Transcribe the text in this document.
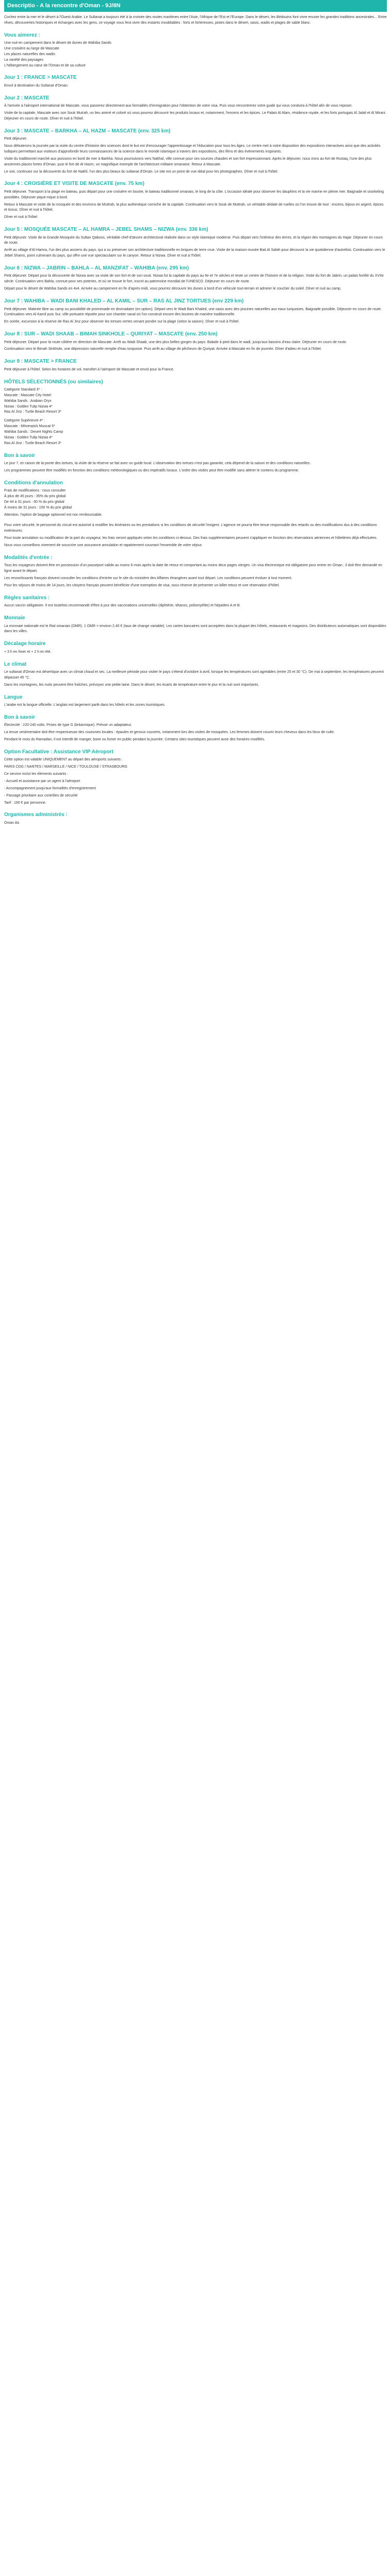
Descriptio - A la rencontre d'Oman - 9J/8N

Cochez entre la mer et le désert à l'Ouest Arabie. Le Sultanat a toujours été à la croisée des routes maritimes entre l'Asie, l'Afrique de l'Est et l'Europe. Dans le désert, les Bédouins font vivre encore les grandes traditions ancestrales... Entre rêves, découvertes historiques et échanges avec les gens, ce voyage vous fera vivre des instants inoubliables : forts et forteresses, pistes dans le désert, oasis, wadis et plages de sable blanc.

Vous aimerez :
Une nuit en campement dans le désert de dunes de Wahiba Sands
Une croisière au large de Mascate
Les places naturelles des wadis
La variété des paysages
L'hébergement au cœur de l'Oman et de sa culture
Jour 1 : FRANCE > MASCATE

Envol à destination du Sultanat d'Oman.

Jour 2 : MASCATE

À l'arrivée à l'aéroport international de Mascate, vous passerez directement aux formalités d'immigration pour l'obtention de votre visa. Puis vous rencontrerez votre guide qui vous conduira à l'hôtel afin de vous reposer.

Visite de la capitale, Mascate avec son Souk Mutrah, un lieu animé et coloré où vous pourrez découvrir les produits locaux et, notamment, l'encens et les épices. Le Palais Al Alam, résidence royale, et les forts portugais Al Jalali et Al Mirani. Déjeuner en cours de route. Dîner et nuit à l'hôtel.

Jour 3 : MASCATE – BARKHA – AL HAZM – MASCATE (env. 325 km)

Petit déjeuner.

Nous débuterons la journée par la visite du centre d'histoire des sciences dont le but est d'encourager l'apprentissage et l'éducation pour tous les âges. Le centre met à notre disposition des expositions interactives ainsi que des activités ludiques permettant aux visiteurs d'approfondir leurs connaissances de la science dans le monde islamique à travers des expositions, des films et des événements inspirants.

Visite du traditionnel marché aux poissons en bord de mer à Barkha. Nous poursuivons vers Nakhal, ville connue pour ses sources chaudes et son fort impressionnant. Après le déjeuner, nous irons au fort de Rustaq, l'une des plus anciennes places fortes d'Oman, puis le fort de Al Hazm, un magnifique exemple de l'architecture militaire omanaise. Retour à Mascate.

Le soir, continuez sur la découverte du fort de Nakhl, l'un des plus beaux du sultanat d'Oman. Le site est un point de vue idéal pour les photographes. Dîner et nuit à l'hôtel.

Jour 4 : CROISIÈRE ET VISITE DE MASCATE (env. 75 km)

Petit déjeuner. Transport à la plage en bateau, puis départ pour une croisière en boutre, le bateau traditionnel omanais, le long de la côte. L'occasion idéale pour observer les dauphins et la vie marine en pleine mer. Baignade et snorkeling possibles. Déjeuner pique-nique à bord.

Retour à Mascate et visite de la mosquée et des environs de Muttrah, la plus authentique corniche de la capitale. Continuation vers le Souk de Muttrah, un véritable dédale de ruelles où l'on trouve de tout : encens, bijoux en argent, épices et tissus. Dîner et nuit à l'hôtel.

Dîner et nuit à l'hôtel.

Jour 5 : MOSQUÉE MASCATE – AL HAMRA – JEBEL SHAMS – NIZWA (env. 336 km)

Petit déjeuner. Visite de la Grande Mosquée du Sultan Qaboos, véritable chef-d'œuvre architectural réalisée dans un style islamique moderne. Puis départ vers l'intérieur des terres, et la région des montagnes du Hajar. Déjeuner en cours de route.

Arrêt au village d'Al Hamra, l'un des plus anciens du pays, qui a su préserver son architecture traditionnelle en briques de terre crue. Visite de la maison-musée Bait Al Safah pour découvrir la vie quotidienne d'autrefois. Continuation vers le Jebel Shams, point culminant du pays, qui offre une vue spectaculaire sur le canyon. Retour à Nizwa. Dîner et nuit à l'hôtel.

Jour 6 : NIZWA – JABRIN – BAHLA – AL MANZIFAT – WAHIBA (env. 295 km)

Petit déjeuner. Départ pour la découverte de Nizwa avec sa visite de son fort et de son souk. Nizwa fut la capitale du pays au 6e et 7e siècles et reste un centre de l'histoire et de la religion. Visite du fort de Jabrin, un palais fortifié du XVIIe siècle. Continuation vers Bahla, connue pour ses poteries, et où se trouve le fort, inscrit au patrimoine mondial de l'UNESCO. Déjeuner en cours de route.

Départ pour le désert de Wahiba Sands en 4x4. Arrivée au campement en fin d'après-midi, vous pourrez découvrir les dunes à bord d'un véhicule tout-terrain et admirer le coucher du soleil. Dîner et nuit au camp.

Jour 7 : WAHIBA – WADI BANI KHALED – AL KAMIL – SUR – RAS AL JINZ TORTUES (env 229 km)

Petit déjeuner. Matinée libre au camp ou possibilité de promenade en dromadaire (en option). Départ vers le Wadi Bani Khaled, une oasis avec des piscines naturelles aux eaux turquoises. Baignade possible. Déjeuner en cours de route. Continuation vers Al Kamil puis Sur, ville portuaire réputée pour son chantier naval où l'on construit encore des boutres de manière traditionnelle.

En soirée, excursion à la réserve de Ras Al Jinz pour observer les tortues vertes venant pondre sur la plage (selon la saison). Dîner et nuit à l'hôtel.

Jour 8 : SUR – WADI SHAAB – BIMAH SINKHOLE – QURIYAT – MASCATE (env. 250 km)

Petit déjeuner. Départ pour la route côtière en direction de Mascate. Arrêt au Wadi Shaab, une des plus belles gorges du pays. Balade à pied dans le wadi, jusqu'aux bassins d'eau claire. Déjeuner en cours de route.

Continuation vers le Bimah Sinkhole, une dépression naturelle remplie d'eau turquoise. Puis arrêt au village de pêcheurs de Quriyat. Arrivée à Mascate en fin de journée. Dîner d'adieu et nuit à l'hôtel.

Jour 9 : MASCATE > FRANCE

Petit déjeuner à l'hôtel. Selon les horaires de vol, transfert à l'aéroport de Mascate et envol pour la France.

HÔTELS SÉLECTIONNÉS (ou similaires)
Catégorie Standard 3* :
Mascate : Mascate City Hotel
Wahiba Sands : Arabian Oryx
Nizwa : Golden Tulip Nizwa 4*
Ras Al Jinz : Turtle Beach Resort 3*
Catégorie Supérieure 4* :
Mascate : Mövenpick Muscat 5*
Wahiba Sands : Desert Nights Camp
Nizwa : Golden Tulip Nizwa 4*
Ras Al Jinz : Turtle Beach Resort 3*
Bon à savoir

Le jour 7, en raison de la ponte des tortues, la visite de la réserve se fait avec un guide local. L'observation des tortues n'est pas garantie, cela dépend de la saison et des conditions naturelles.

Les programmes peuvent être modifiés en fonction des conditions météorologiques ou des impératifs locaux. L'ordre des visites peut être modifié sans altérer le contenu du programme.

Conditions d'annulation
Frais de modifications : nous consulter
À plus de 45 jours : 35% du prix global
De 44 à 31 jours : 60 % du prix global
À moins de 31 jours : 100 % du prix global

Attention, l'option de bagage optionnel est non remboursable.

Pour votre sécurité, le personnel du circuit est autorisé à modifier les itinéraires ou les prestations si les conditions de sécurité l'exigent. L'agence ne pourra être tenue responsable des retards ou des modifications dus à des conditions extérieures.

Pour toute annulation ou modification de la part du voyageur, les frais seront appliqués selon les conditions ci-dessus. Des frais supplémentaires peuvent s'appliquer en fonction des réservations aériennes et hôtelières déjà effectuées.

Nous vous conseillons vivement de souscrire une assurance annulation et rapatriement couvrant l'ensemble de votre séjour.

Modalités d'entrée :

Tous les voyageurs doivent être en possession d'un passeport valide au moins 6 mois après la date de retour et comportant au moins deux pages vierges. Un visa électronique est obligatoire pour entrer en Oman ; il doit être demandé en ligne avant le départ.

Les ressortissants français doivent consulter les conditions d'entrée sur le site du ministère des Affaires étrangères avant tout départ. Les conditions peuvent évoluer à tout moment.

Pour les séjours de moins de 14 jours, les citoyens français peuvent bénéficier d'une exemption de visa, sous réserve de présenter un billet retour et une réservation d'hôtel.

Règles sanitaires :

Aucun vaccin obligatoire. Il est toutefois recommandé d'être à jour des vaccinations universelles (diphtérie, tétanos, poliomyélite) et hépatites A et B.

Monnaie

La monnaie nationale est le Rial omanais (OMR). 1 OMR = environ 2,40 € (taux de change variable). Les cartes bancaires sont acceptées dans la plupart des hôtels, restaurants et magasins. Des distributeurs automatiques sont disponibles dans les villes.

Décalage horaire

+ 3 h en hiver et + 2 h en été.

Le climat

Le sultanat d'Oman est désertique avec un climat chaud et sec. La meilleure période pour visiter le pays s'étend d'octobre à avril, lorsque les températures sont agréables (entre 25 et 30 °C). De mai à septembre, les températures peuvent dépasser 45 °C.

Dans les montagnes, les nuits peuvent être fraîches, prévoyez une petite laine. Dans le désert, les écarts de température entre le jour et la nuit sont importants.

Langue

L'arabe est la langue officielle. L'anglais est largement parlé dans les hôtels et les zones touristiques.

Bon à savoir

Électricité : 220-240 volts. Prises de type G (britannique). Prévoir un adaptateur.

La tenue vestimentaire doit être respectueuse des coutumes locales : épaules et genoux couverts, notamment lors des visites de mosquées. Les femmes doivent couvrir leurs cheveux dans les lieux de culte.

Pendant le mois du Ramadan, il est interdit de manger, boire ou fumer en public pendant la journée. Certains sites touristiques peuvent avoir des horaires modifiés.

Option Facultative : Assistance VIP Aéroport

Cette option est valable UNIQUEMENT au départ des aéroports suivants :

PARIS CDG / NANTES / MARSEILLE / NICE / TOULOUSE / STRASBOURG

Ce service inclut les éléments suivants :

- Accueil et assistance par un agent à l'aéroport

- Accompagnement jusqu'aux formalités d'enregistrement

- Passage prioritaire aux contrôles de sécurité

Tarif : 160 € par personne.

Organismes administrés :

Oman Air.
